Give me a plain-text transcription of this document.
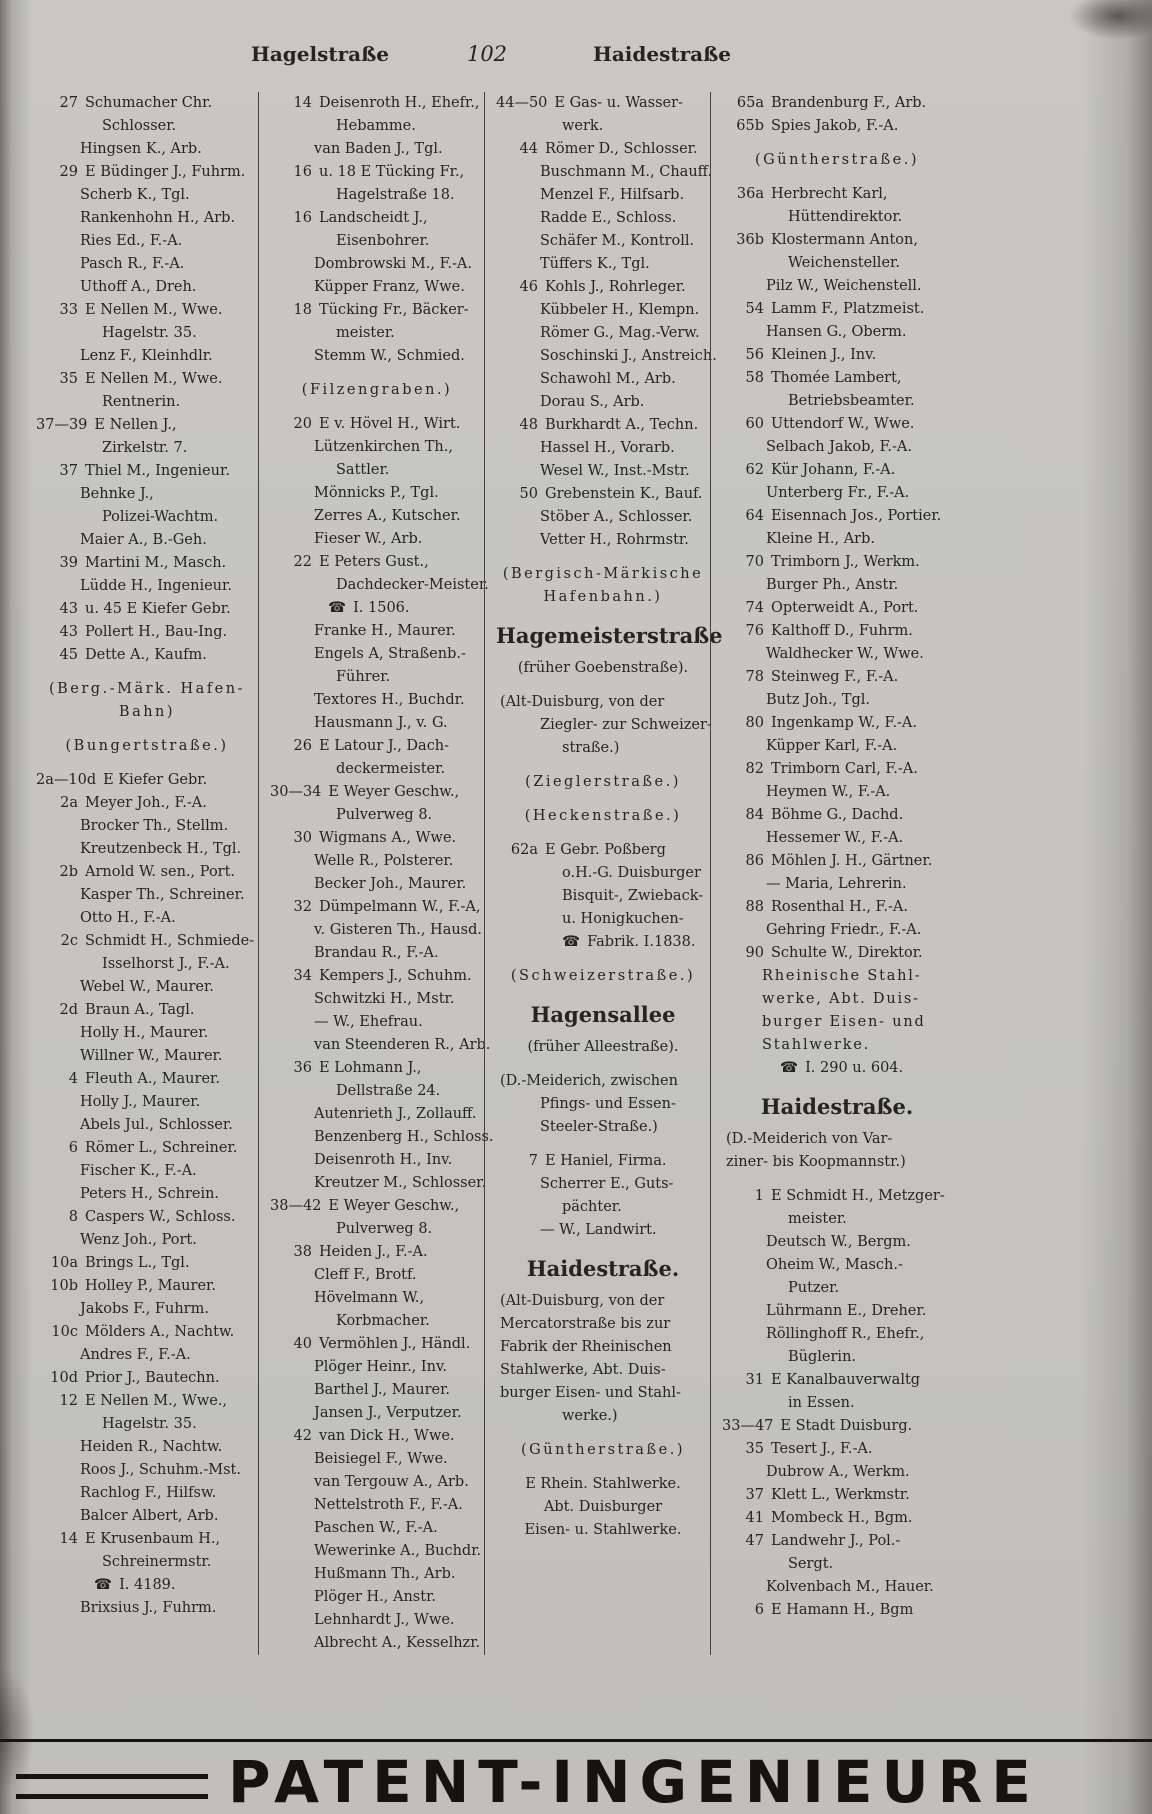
Hagelstraße	102	Haidestraße
27 Schumacher Chr.
Schlosser.
Hingsen K., Arb.
29 E Büdinger J., Fuhrm.
Scherb K., Tgl.
Rankenhohn H., Arb.
Ries Ed., F.-A.
Pasch R., F.-A.
Uthoff A., Dreh.
33 E Nellen M., Wwe.
Hagelstr. 35.
Lenz F., Kleinhdlr.
35 E Nellen M., Wwe.
Rentnerin.
37—39 E Nellen J.,
Zirkelstr. 7.
37 Thiel M., Ingenieur.
Behnke J.,
Polizei-Wachtm.
Maier A., B.-Geh.
39 Martini M., Masch.
Lüdde H., Ingenieur.
43 u. 45 E Kiefer Gebr.
43 Pollert H., Bau-Ing.
45 Dette A., Kaufm.
(Berg.-Märk. Hafen-
Bahn)
(Bungertstraße.)
2a—10d E Kiefer Gebr.
2a Meyer Joh., F.-A.
Brocker Th., Stellm.
Kreutzenbeck H., Tgl.
2b Arnold W. sen., Port.
Kasper Th., Schreiner.
Otto H., F.-A.
2c Schmidt H., Schmiede-
Isselhorst J., F.-A.
Webel W., Maurer.
2d Braun A., Tagl.
Holly H., Maurer.
Willner W., Maurer.
4 Fleuth A., Maurer.
Holly J., Maurer.
Abels Jul., Schlosser.
6 Römer L., Schreiner.
Fischer K., F.-A.
Peters H., Schrein.
8 Caspers W., Schloss.
Wenz Joh., Port.
10a Brings L., Tgl.
10b Holley P., Maurer.
Jakobs F., Fuhrm.
10c Mölders A., Nachtw.
Andres F., F.-A.
10d Prior J., Bautechn.
12 E Nellen M., Wwe.,
Hagelstr. 35.
Heiden R., Nachtw.
Roos J., Schuhm.-Mst.
Rachlog F., Hilfsw.
Balcer Albert, Arb.
14 E Krusenbaum H.,
Schreinermstr.
☎ I. 4189.
Brixsius J., Fuhrm.
14 Deisenroth H., Ehefr.,
Hebamme.
van Baden J., Tgl.
16 u. 18 E Tücking Fr.,
Hagelstraße 18.
16 Landscheidt J.,
Eisenbohrer.
Dombrowski M., F.-A.
Küpper Franz, Wwe.
18 Tücking Fr., Bäcker-
meister.
Stemm W., Schmied.
(Filzengraben.)
20 E v. Hövel H., Wirt.
Lützenkirchen Th.,
Sattler.
Mönnicks P., Tgl.
Zerres A., Kutscher.
Fieser W., Arb.
22 E Peters Gust.,
Dachdecker-Meister.
☎ I. 1506.
Franke H., Maurer.
Engels A, Straßenb.-
Führer.
Textores H., Buchdr.
Hausmann J., v. G.
26 E Latour J., Dach-
deckermeister.
30—34 E Weyer Geschw.,
Pulverweg 8.
30 Wigmans A., Wwe.
Welle R., Polsterer.
Becker Joh., Maurer.
32 Dümpelmann W., F.-A,
v. Gisteren Th., Hausd.
Brandau R., F.-A.
34 Kempers J., Schuhm.
Schwitzki H., Mstr.
— W., Ehefrau.
van Steenderen R., Arb.
36 E Lohmann J.,
Dellstraße 24.
Autenrieth J., Zollauff.
Benzenberg H., Schloss.
Deisenroth H., Inv.
Kreutzer M., Schlosser.
38—42 E Weyer Geschw.,
Pulverweg 8.
38 Heiden J., F.-A.
Cleff F., Brotf.
Hövelmann W.,
Korbmacher.
40 Vermöhlen J., Händl.
Plöger Heinr., Inv.
Barthel J., Maurer.
Jansen J., Verputzer.
42 van Dick H., Wwe.
Beisiegel F., Wwe.
van Tergouw A., Arb.
Nettelstroth F., F.-A.
Paschen W., F.-A.
Wewerinke A., Buchdr.
Hußmann Th., Arb.
Plöger H., Anstr.
Lehnhardt J., Wwe.
Albrecht A., Kesselhzr.
44—50 E Gas- u. Wasser-
werk.
44 Römer D., Schlosser.
Buschmann M., Chauff.
Menzel F., Hilfsarb.
Radde E., Schloss.
Schäfer M., Kontroll.
Tüffers K., Tgl.
46 Kohls J., Rohrleger.
Kübbeler H., Klempn.
Römer G., Mag.-Verw.
Soschinski J., Anstreich.
Schawohl M., Arb.
Dorau S., Arb.
48 Burkhardt A., Techn.
Hassel H., Vorarb.
Wesel W., Inst.-Mstr.
50 Grebenstein K., Bauf.
Stöber A., Schlosser.
Vetter H., Rohrmstr.
(Bergisch-Märkische
Hafenbahn.)
Hagemeisterstraße
(früher Goebenstraße).
(Alt-Duisburg, von der
Ziegler- zur Schweizer-
straße.)
(Zieglerstraße.)
(Heckenstraße.)
62a E Gebr. Poßberg
o.H.-G. Duisburger
Bisquit-, Zwieback-
u. Honigkuchen-
☎ Fabrik. I.1838.
(Schweizerstraße.)
Hagensallee
(früher Alleestraße).
(D.-Meiderich, zwischen
Pfings- und Essen-
Steeler-Straße.)
7 E Haniel, Firma.
Scherrer E., Guts-
pächter.
— W., Landwirt.
Haidestraße.
(Alt-Duisburg, von der
Mercatorstraße bis zur
Fabrik der Rheinischen
Stahlwerke, Abt. Duis-
burger Eisen- und Stahl-
werke.)
(Güntherstraße.)
E Rhein. Stahlwerke.
Abt. Duisburger
Eisen- u. Stahlwerke.
65a Brandenburg F., Arb.
65b Spies Jakob, F.-A.
(Güntherstraße.)
36a Herbrecht Karl,
Hüttendirektor.
36b Klostermann Anton,
Weichensteller.
Pilz W., Weichenstell.
54 Lamm F., Platzmeist.
Hansen G., Oberm.
56 Kleinen J., Inv.
58 Thomée Lambert,
Betriebsbeamter.
60 Uttendorf W., Wwe.
Selbach Jakob, F.-A.
62 Kür Johann, F.-A.
Unterberg Fr., F.-A.
64 Eisennach Jos., Portier.
Kleine H., Arb.
70 Trimborn J., Werkm.
Burger Ph., Anstr.
74 Opterweidt A., Port.
76 Kalthoff D., Fuhrm.
Waldhecker W., Wwe.
78 Steinweg F., F.-A.
Butz Joh., Tgl.
80 Ingenkamp W., F.-A.
Küpper Karl, F.-A.
82 Trimborn Carl, F.-A.
Heymen W., F.-A.
84 Böhme G., Dachd.
Hessemer W., F.-A.
86 Möhlen J. H., Gärtner.
— Maria, Lehrerin.
88 Rosenthal H., F.-A.
Gehring Friedr., F.-A.
90 Schulte W., Direktor.
Rheinische Stahl-
werke, Abt. Duis-
burger Eisen- und
Stahlwerke.
☎ I. 290 u. 604.
Haidestraße.
(D.-Meiderich von Var-
ziner- bis Koopmannstr.)
1 E Schmidt H., Metzger-
meister.
Deutsch W., Bergm.
Oheim W., Masch.-
Putzer.
Lührmann E., Dreher.
Röllinghoff R., Ehefr.,
Büglerin.
31 E Kanalbauverwaltg
in Essen.
33—47 E Stadt Duisburg.
35 Tesert J., F.-A.
Dubrow A., Werkm.
37 Klett L., Werkmstr.
41 Mombeck H., Bgm.
47 Landwehr J., Pol.-
Sergt.
Kolvenbach M., Hauer.
6 E Hamann H., Bgm
PATENT-INGENIEURE
